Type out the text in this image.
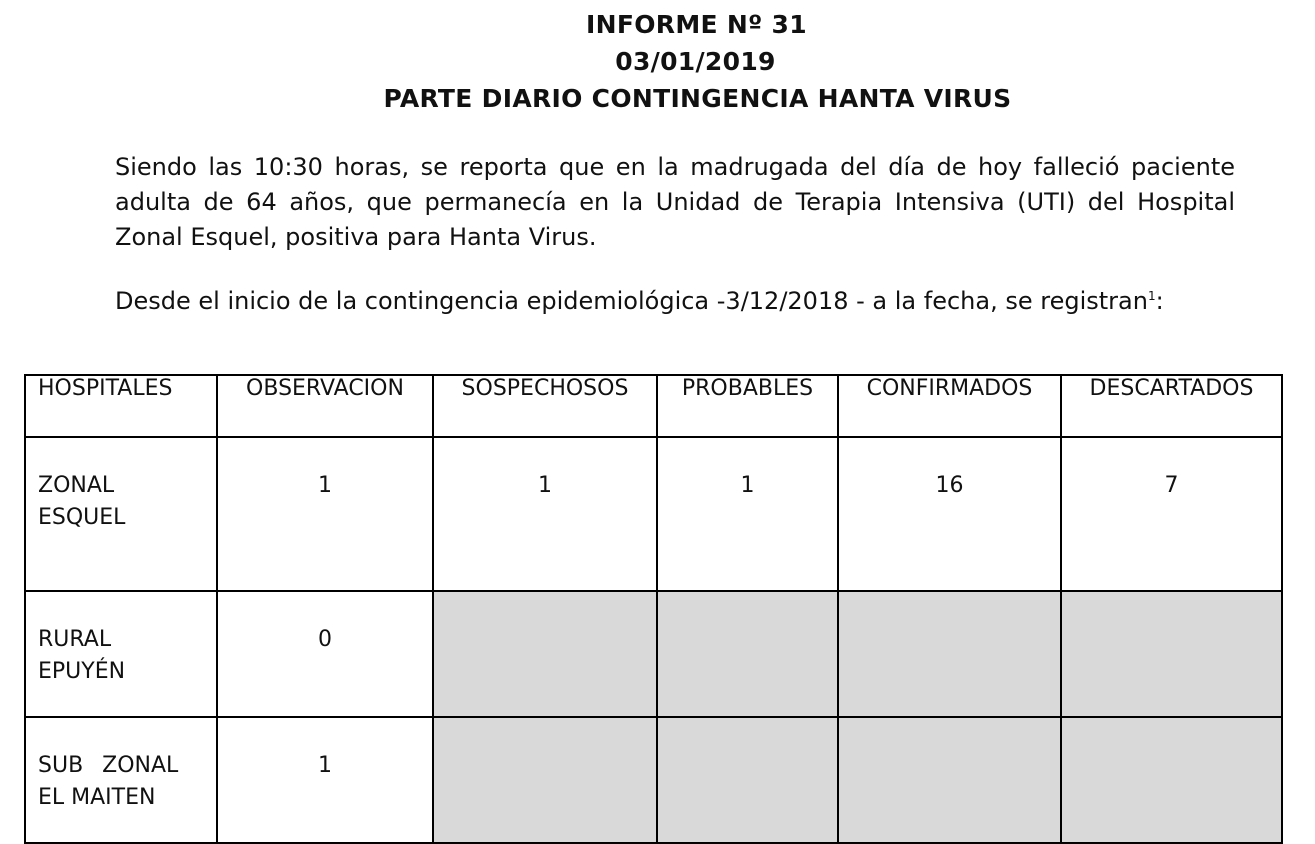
INFORME Nº 31
03/01/2019
PARTE DIARIO CONTINGENCIA HANTA VIRUS
Siendo las 10:30 horas, se reporta que en la madrugada del día de hoy falleció paciente adulta de 64 años, que permanecía en la Unidad de Terapia Intensiva (UTI) del Hospital Zonal Esquel, positiva para Hanta Virus.
Desde el inicio de la contingencia epidemiológica -3/12/2018 - a la fecha, se registran$^1$:
HOSPITALES	OBSERVACION	SOSPECHOSOS	PROBABLES	CONFIRMADOS	DESCARTADOS

ZONAL
ESQUEL	1	1	1	16	7

RURAL
EPUYÉN	0				

SUB ZONAL
EL MAITEN	1				
